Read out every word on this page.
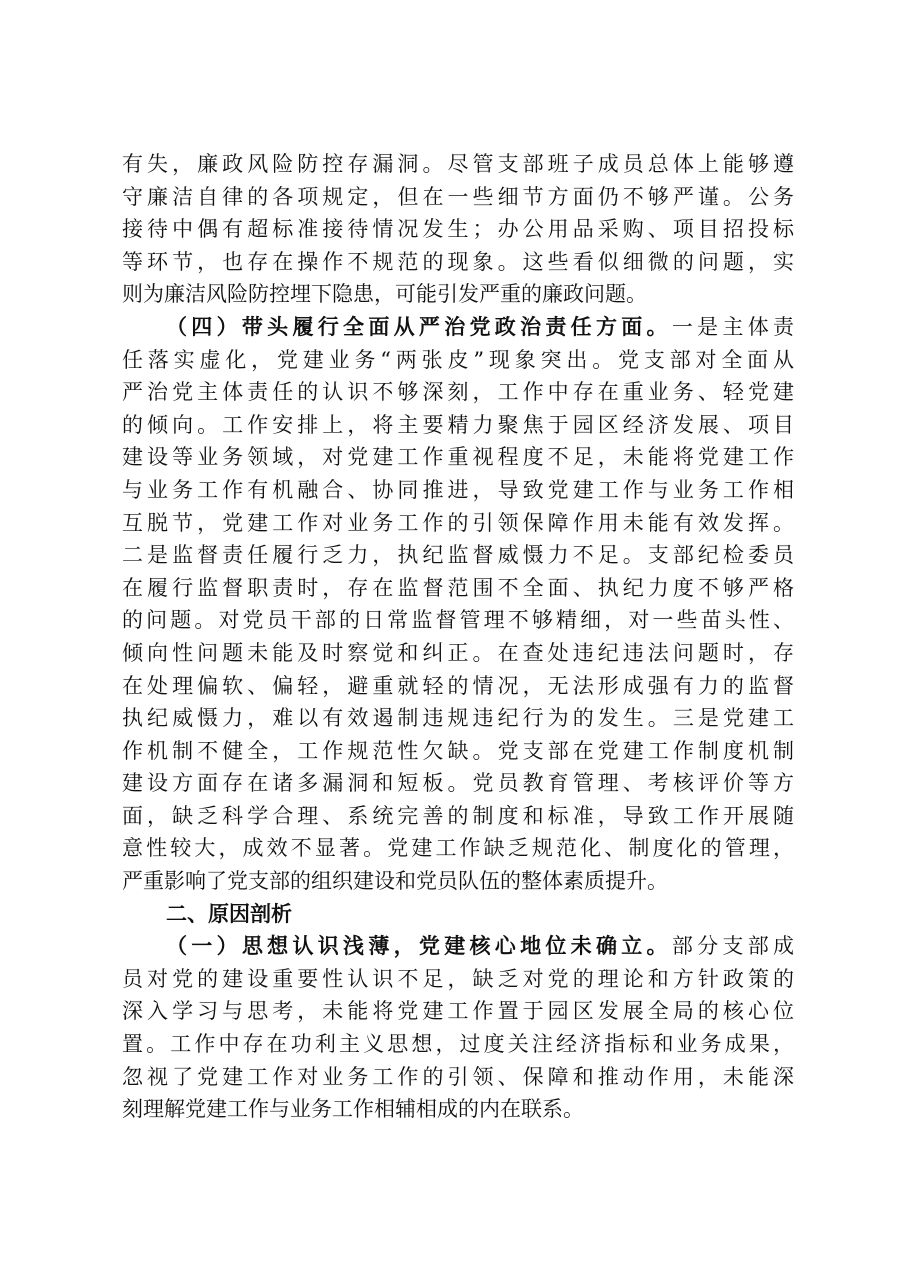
有失，廉政风险防控存漏洞。尽管支部班子成员总体上能够遵
守廉洁自律的各项规定，但在一些细节方面仍不够严谨。公务
接待中偶有超标准接待情况发生；办公用品采购、项目招投标
等环节，也存在操作不规范的现象。这些看似细微的问题，实
则为廉洁风险防控埋下隐患，可能引发严重的廉政问题。
（四）带头履行全面从严治党政治责任方面。一是主体责
任落实虚化，党建业务“两张皮”现象突出。党支部对全面从
严治党主体责任的认识不够深刻，工作中存在重业务、轻党建
的倾向。工作安排上，将主要精力聚焦于园区经济发展、项目
建设等业务领域，对党建工作重视程度不足，未能将党建工作
与业务工作有机融合、协同推进，导致党建工作与业务工作相
互脱节，党建工作对业务工作的引领保障作用未能有效发挥。
二是监督责任履行乏力，执纪监督威慑力不足。支部纪检委员
在履行监督职责时，存在监督范围不全面、执纪力度不够严格
的问题。对党员干部的日常监督管理不够精细，对一些苗头性、
倾向性问题未能及时察觉和纠正。在查处违纪违法问题时，存
在处理偏软、偏轻，避重就轻的情况，无法形成强有力的监督
执纪威慑力，难以有效遏制违规违纪行为的发生。三是党建工
作机制不健全，工作规范性欠缺。党支部在党建工作制度机制
建设方面存在诸多漏洞和短板。党员教育管理、考核评价等方
面，缺乏科学合理、系统完善的制度和标准，导致工作开展随
意性较大，成效不显著。党建工作缺乏规范化、制度化的管理，
严重影响了党支部的组织建设和党员队伍的整体素质提升。
二、原因剖析
（一）思想认识浅薄，党建核心地位未确立。部分支部成
员对党的建设重要性认识不足，缺乏对党的理论和方针政策的
深入学习与思考，未能将党建工作置于园区发展全局的核心位
置。工作中存在功利主义思想，过度关注经济指标和业务成果，
忽视了党建工作对业务工作的引领、保障和推动作用，未能深
刻理解党建工作与业务工作相辅相成的内在联系。
